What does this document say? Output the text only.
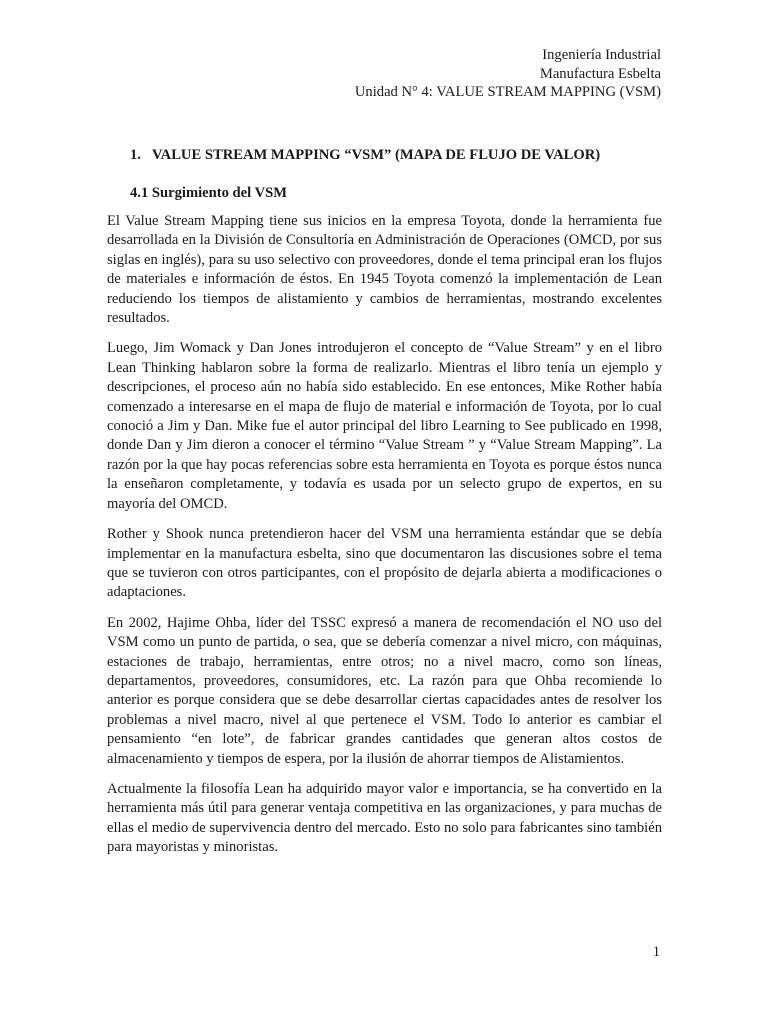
Ingeniería Industrial
Manufactura Esbelta
Unidad N° 4: VALUE STREAM MAPPING (VSM)
1. VALUE STREAM MAPPING “VSM” (MAPA DE FLUJO DE VALOR)
4.1 Surgimiento del VSM

El Value Stream Mapping tiene sus inicios en la empresa Toyota, donde la herramienta fue desarrollada en la División de Consultoría en Administración de Operaciones (OMCD, por sus siglas en inglés), para su uso selectivo con proveedores, donde el tema principal eran los flujos de materiales e información de éstos. En 1945 Toyota comenzó la implementación de Lean reduciendo los tiempos de alistamiento y cambios de herramientas, mostrando excelentes resultados.

Luego, Jim Womack y Dan Jones introdujeron el concepto de “Value Stream” y en el libro Lean Thinking hablaron sobre la forma de realizarlo. Mientras el libro tenía un ejemplo y descripciones, el proceso aún no había sido establecido. En ese entonces, Mike Rother había comenzado a interesarse en el mapa de flujo de material e información de Toyota, por lo cual conoció a Jim y Dan. Mike fue el autor principal del libro Learning to See publicado en 1998, donde Dan y Jim dieron a conocer el término “Value Stream ” y “Value Stream Mapping”. La razón por la que hay pocas referencias sobre esta herramienta en Toyota es porque éstos nunca la enseñaron completamente, y todavía es usada por un selecto grupo de expertos, en su mayoría del OMCD.

Rother y Shook nunca pretendieron hacer del VSM una herramienta estándar que se debía implementar en la manufactura esbelta, sino que documentaron las discusiones sobre el tema que se tuvieron con otros participantes, con el propósito de dejarla abierta a modificaciones o adaptaciones.

En 2002, Hajime Ohba, líder del TSSC expresó a manera de recomendación el NO uso del VSM como un punto de partida, o sea, que se debería comenzar a nivel micro, con máquinas, estaciones de trabajo, herramientas, entre otros; no a nivel macro, como son líneas, departamentos, proveedores, consumidores, etc. La razón para que Ohba recomiende lo anterior es porque considera que se debe desarrollar ciertas capacidades antes de resolver los problemas a nivel macro, nivel al que pertenece el VSM. Todo lo anterior es cambiar el pensamiento “en lote”, de fabricar grandes cantidades que generan altos costos de almacenamiento y tiempos de espera, por la ilusión de ahorrar tiempos de Alistamientos.

Actualmente la filosofía Lean ha adquirido mayor valor e importancia, se ha convertido en la herramienta más útil para generar ventaja competitiva en las organizaciones, y para muchas de ellas el medio de supervivencia dentro del mercado. Esto no solo para fabricantes sino también para mayoristas y minoristas.

1
